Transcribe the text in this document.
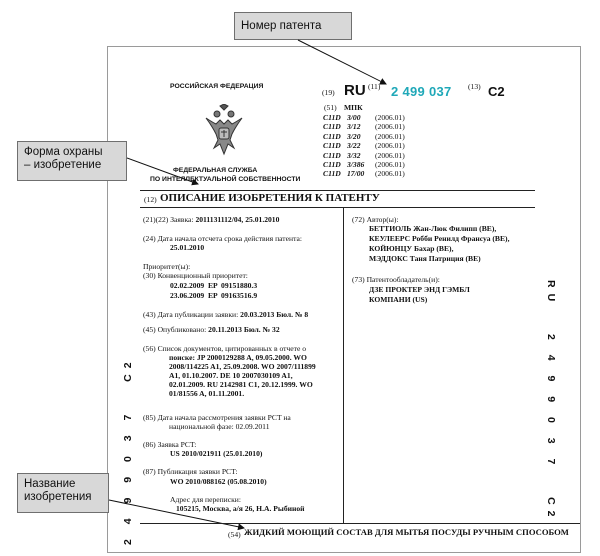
Номер патента
Форма охраны
– изобретение
Название
изобретения
РОССИЙСКАЯ ФЕДЕРАЦИЯ
ФЕДЕРАЛЬНАЯ СЛУЖБА
ПО ИНТЕЛЛЕКТУАЛЬНОЙ СОБСТВЕННОСТИ
(19) RU (11) 2 499 037 (13) C2
(51) МПК
C11D 3/00 (2006.01)
C11D 3/12 (2006.01)
C11D 3/20 (2006.01)
C11D 3/22 (2006.01)
C11D 3/32 (2006.01)
C11D 3/386 (2006.01)
C11D 17/00 (2006.01)
(12) ОПИСАНИЕ ИЗОБРЕТЕНИЯ К ПАТЕНТУ
(21)(22) Заявка: 2011131112/04, 25.01.2010
(24) Дата начала отсчета срока действия патента:
25.01.2010
Приоритет(ы):
(30) Конвенционный приоритет:
02.02.2009  EP  09151880.3
23.06.2009  EP  09163516.9
(43) Дата публикации заявки: 20.03.2013 Бюл. № 8
(45) Опубликовано: 20.11.2013 Бюл. № 32
(56) Список документов, цитированных в отчете о
поиске: JP 2000129288 A, 09.05.2000. WO
2008/114225 A1, 25.09.2008. WO 2007/111899
A1, 01.10.2007. DE 10 2007030109 A1,
02.01.2009. RU 2142981 C1, 20.12.1999. WO
01/81556 A, 01.11.2001.
(85) Дата начала рассмотрения заявки PCT на
национальной фазе: 02.09.2011
(86) Заявка PCT:
US 2010/021911 (25.01.2010)
(87) Публикация заявки PCT:
WO 2010/088162 (05.08.2010)
Адрес для переписки:
105215, Москва, а/я 26, Н.А. Рыбиной
(72) Автор(ы):
БЕТТИОЛЬ Жан-Люк Филипп (BE),
КЕУЛЕЕРС Робби Ренилд Франсуа (BE),
КОЙЮНЦУ Бахар (BE),
МЭДДОКС Таня Патриция (BE)
(73) Патентообладатель(и):
ДЗЕ ПРОКТЕР ЭНД ГЭМБЛ
КОМПАНИ (US)
(54) ЖИДКИЙ МОЮЩИЙ СОСТАВ ДЛЯ МЫТЬЯ ПОСУДЫ РУЧНЫМ СПОСОБОМ
RU   2 4 9 9 0 3 7   C2
2 4 9 9 0 3 7   C2
